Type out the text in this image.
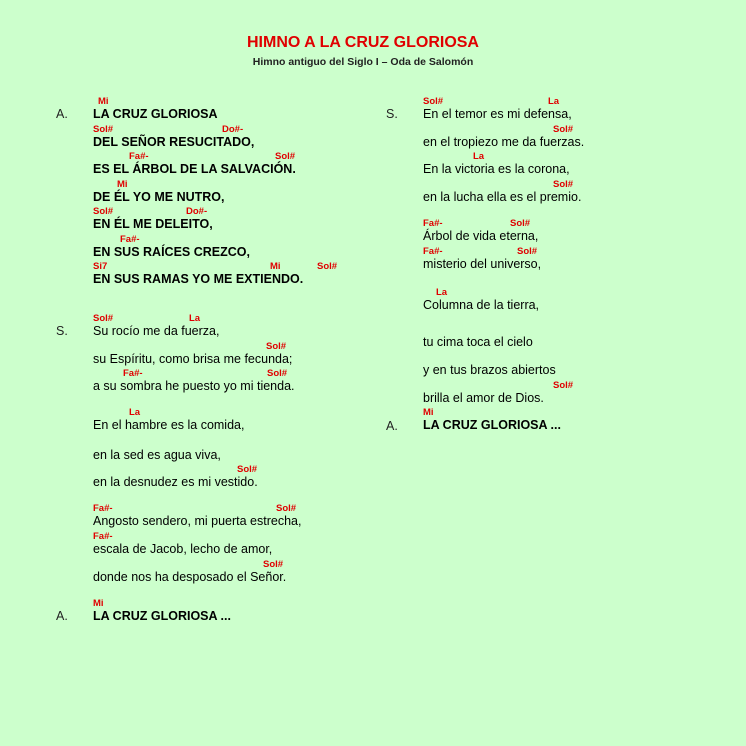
HIMNO A LA CRUZ GLORIOSA
Himno antiguo del Siglo I – Oda de Salomón
A.
S.
A.
S.
A.
Mi
LA CRUZ GLORIOSA
Sol#	Do#-
DEL SEÑOR RESUCITADO,
Fa#-	Sol#
ES EL ÁRBOL DE LA SALVACIÓN.
Mi
DE ÉL YO ME NUTRO,
Sol#	Do#-
EN ÉL ME DELEITO,
Fa#-
EN SUS RAÍCES CREZCO,
Si7	Mi	Sol#
EN SUS RAMAS YO ME EXTIENDO.
Sol#	La
Su rocío me da fuerza,
Sol#
su Espíritu, como brisa me fecunda;
Fa#-	Sol#
a su sombra he puesto yo mi tienda.
La
En el hambre es la comida,
en la sed es agua viva,
Sol#
en la desnudez es mi vestido.
Fa#-	Sol#
Angosto sendero, mi puerta estrecha,
Fa#-
escala de Jacob, lecho de amor,
Sol#
donde nos ha desposado el Señor.
Mi
LA CRUZ GLORIOSA ...
Sol#	La
En el temor es mi defensa,
Sol#
en el tropiezo me da fuerzas.
La
En la victoria es la corona,
Sol#
en la lucha ella es el premio.
Fa#-	Sol#
Árbol de vida eterna,
Fa#-	Sol#
misterio del universo,
La
Columna de la tierra,
tu cima toca el cielo
y en tus brazos abiertos
Sol#
brilla el amor de Dios.
Mi
LA CRUZ GLORIOSA ...
